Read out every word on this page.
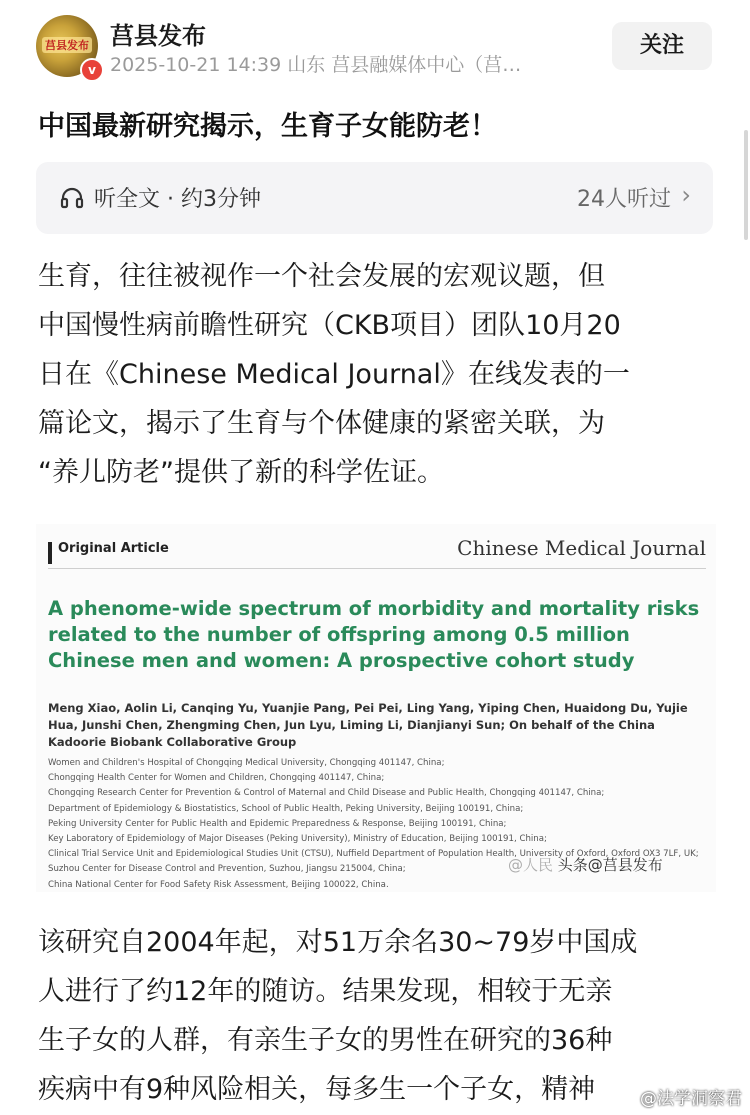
莒县发布
v
莒县发布
2025-10-21 14:39 山东 莒县融媒体中心（莒…
关注
中国最新研究揭示，生育子女能防老！
听全文 · 约3分钟	24人听过 ›
生育，往往被视作一个社会发展的宏观议题，但
中国慢性病前瞻性研究（CKB项目）团队10月20
日在《Chinese Medical Journal》在线发表的一
篇论文，揭示了生育与个体健康的紧密关联，为
“养儿防老”提供了新的科学佐证。
Original Article	Chinese Medical Journal
A phenome-wide spectrum of morbidity and mortality risks related to the number of offspring among 0.5 million Chinese men and women: A prospective cohort study
Meng Xiao, Aolin Li, Canqing Yu, Yuanjie Pang, Pei Pei, Ling Yang, Yiping Chen, Huaidong Du, Yujie Hua, Junshi Chen, Zhengming Chen, Jun Lyu, Liming Li, Dianjianyi Sun; On behalf of the China Kadoorie Biobank Collaborative Group
Women and Children's Hospital of Chongqing Medical University, Chongqing 401147, China;
Chongqing Health Center for Women and Children, Chongqing 401147, China;
Chongqing Research Center for Prevention & Control of Maternal and Child Disease and Public Health, Chongqing 401147, China;
Department of Epidemiology & Biostatistics, School of Public Health, Peking University, Beijing 100191, China;
Peking University Center for Public Health and Epidemic Preparedness & Response, Beijing 100191, China;
Key Laboratory of Epidemiology of Major Diseases (Peking University), Ministry of Education, Beijing 100191, China;
Clinical Trial Service Unit and Epidemiological Studies Unit (CTSU), Nuffield Department of Population Health, University of Oxford, Oxford OX3 7LF, UK;
Suzhou Center for Disease Control and Prevention, Suzhou, Jiangsu 215004, China;
China National Center for Food Safety Risk Assessment, Beijing 100022, China.
@人民 头条@莒县发布
该研究自2004年起，对51万余名30~79岁中国成
人进行了约12年的随访。结果发现，相较于无亲
生子女的人群，有亲生子女的男性在研究的36种
疾病中有9种风险相关，每多生一个子女，精神	@法学洞察君
